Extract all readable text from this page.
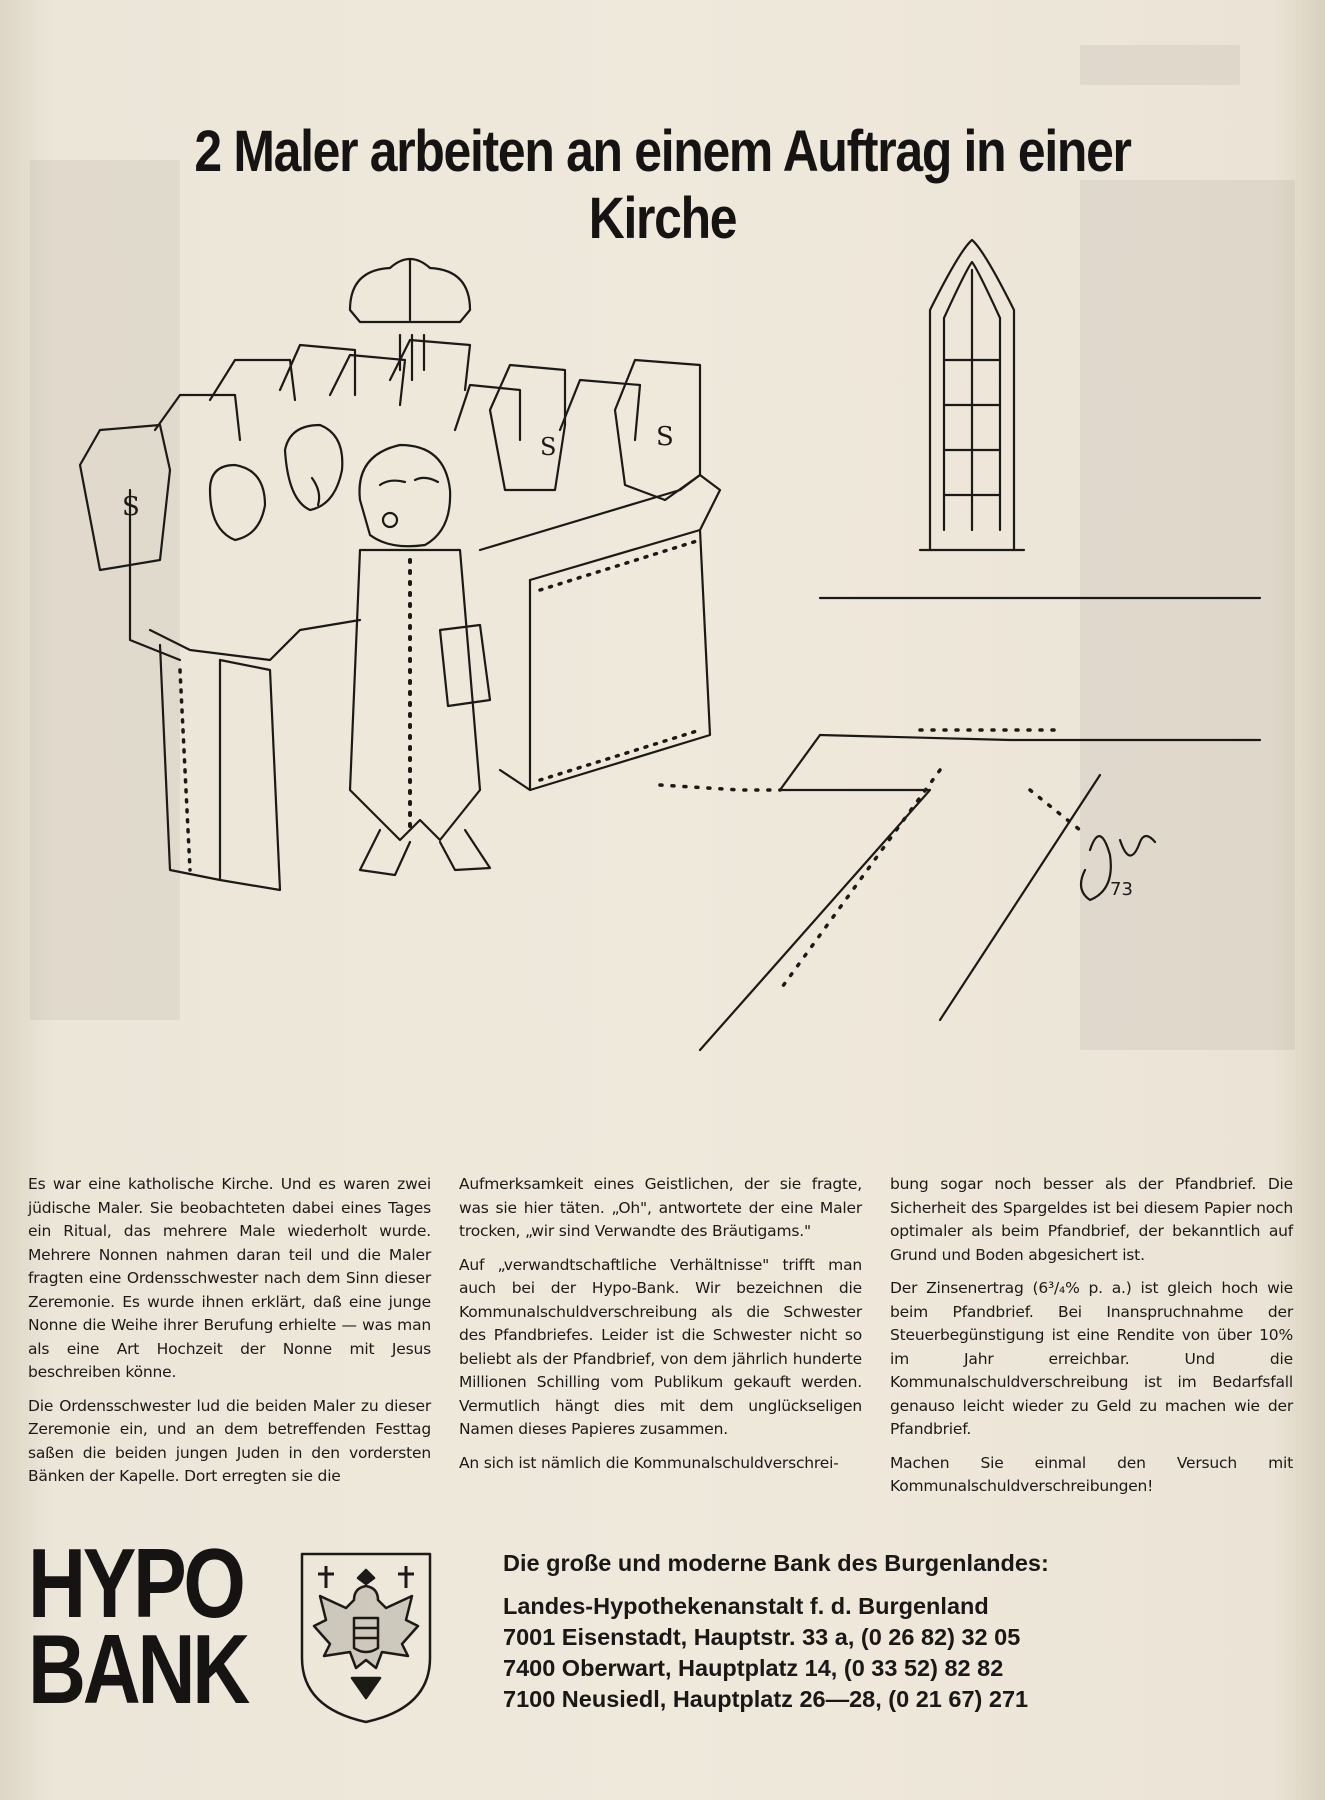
2 Maler arbeiten an einem Auftrag in einer Kirche
S
S
S
73

Es war eine katholische Kirche. Und es waren zwei jüdische Maler. Sie beobachteten dabei eines Tages ein Ritual, das mehrere Male wiederholt wurde. Mehrere Nonnen nahmen daran teil und die Maler fragten eine Ordensschwester nach dem Sinn dieser Zeremonie. Es wurde ihnen erklärt, daß eine junge Nonne die Weihe ihrer Berufung erhielte — was man als eine Art Hochzeit der Nonne mit Jesus beschreiben könne.

Die Ordensschwester lud die beiden Maler zu dieser Zeremonie ein, und an dem betreffenden Festtag saßen die beiden jungen Juden in den vordersten Bänken der Kapelle. Dort erregten sie die

Aufmerksamkeit eines Geistlichen, der sie fragte, was sie hier täten. „Oh", antwortete der eine Maler trocken, „wir sind Verwandte des Bräutigams."

Auf „verwandtschaftliche Verhältnisse" trifft man auch bei der Hypo-Bank. Wir bezeichnen die Kommunalschuldverschreibung als die Schwester des Pfandbriefes. Leider ist die Schwester nicht so beliebt als der Pfandbrief, von dem jährlich hunderte Millionen Schilling vom Publikum gekauft werden. Vermutlich hängt dies mit dem unglückseligen Namen dieses Papieres zusammen.

An sich ist nämlich die Kommunalschuldverschrei-

bung sogar noch besser als der Pfandbrief. Die Sicherheit des Spargeldes ist bei diesem Papier noch optimaler als beim Pfandbrief, der bekanntlich auf Grund und Boden abgesichert ist.

Der Zinsenertrag (6³/₄% p. a.) ist gleich hoch wie beim Pfandbrief. Bei Inanspruchnahme der Steuerbegünstigung ist eine Rendite von über 10% im Jahr erreichbar. Und die Kommunalschuldverschreibung ist im Bedarfsfall genauso leicht wieder zu Geld zu machen wie der Pfandbrief.

Machen Sie einmal den Versuch mit Kommunalschuldverschreibungen!

HYPO
BANK
Die große und moderne Bank des Burgenlandes:
Landes-Hypothekenanstalt f. d. Burgenland
7001 Eisenstadt, Hauptstr. 33 a, (0 26 82) 32 05
7400 Oberwart, Hauptplatz 14, (0 33 52) 82 82
7100 Neusiedl, Hauptplatz 26—28, (0 21 67) 271
